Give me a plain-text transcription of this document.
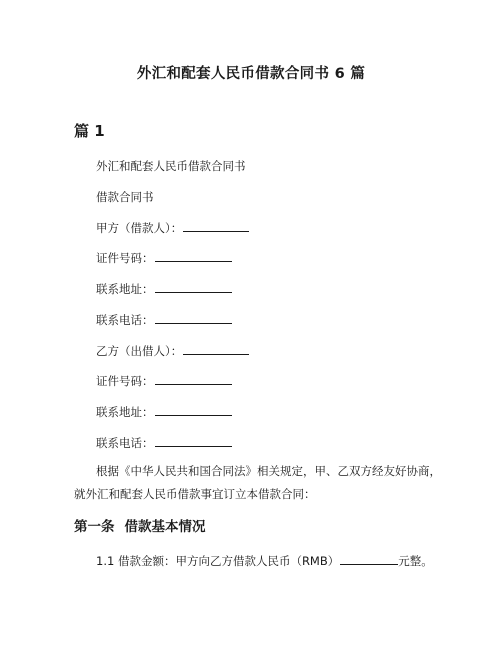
外汇和配套人民币借款合同书 6 篇
篇 1
外汇和配套人民币借款合同书
借款合同书
甲方（借款人）：
证件号码：
联系地址：
联系电话：
乙方（出借人）：
证件号码：
联系地址：
联系电话：
根据《中华人民共和国合同法》相关规定，甲、乙双方经友好协商，就外汇和配套人民币借款事宜订立本借款合同：
第一条 借款基本情况
1.1 借款金额：甲方向乙方借款人民币（RMB）	元整。
